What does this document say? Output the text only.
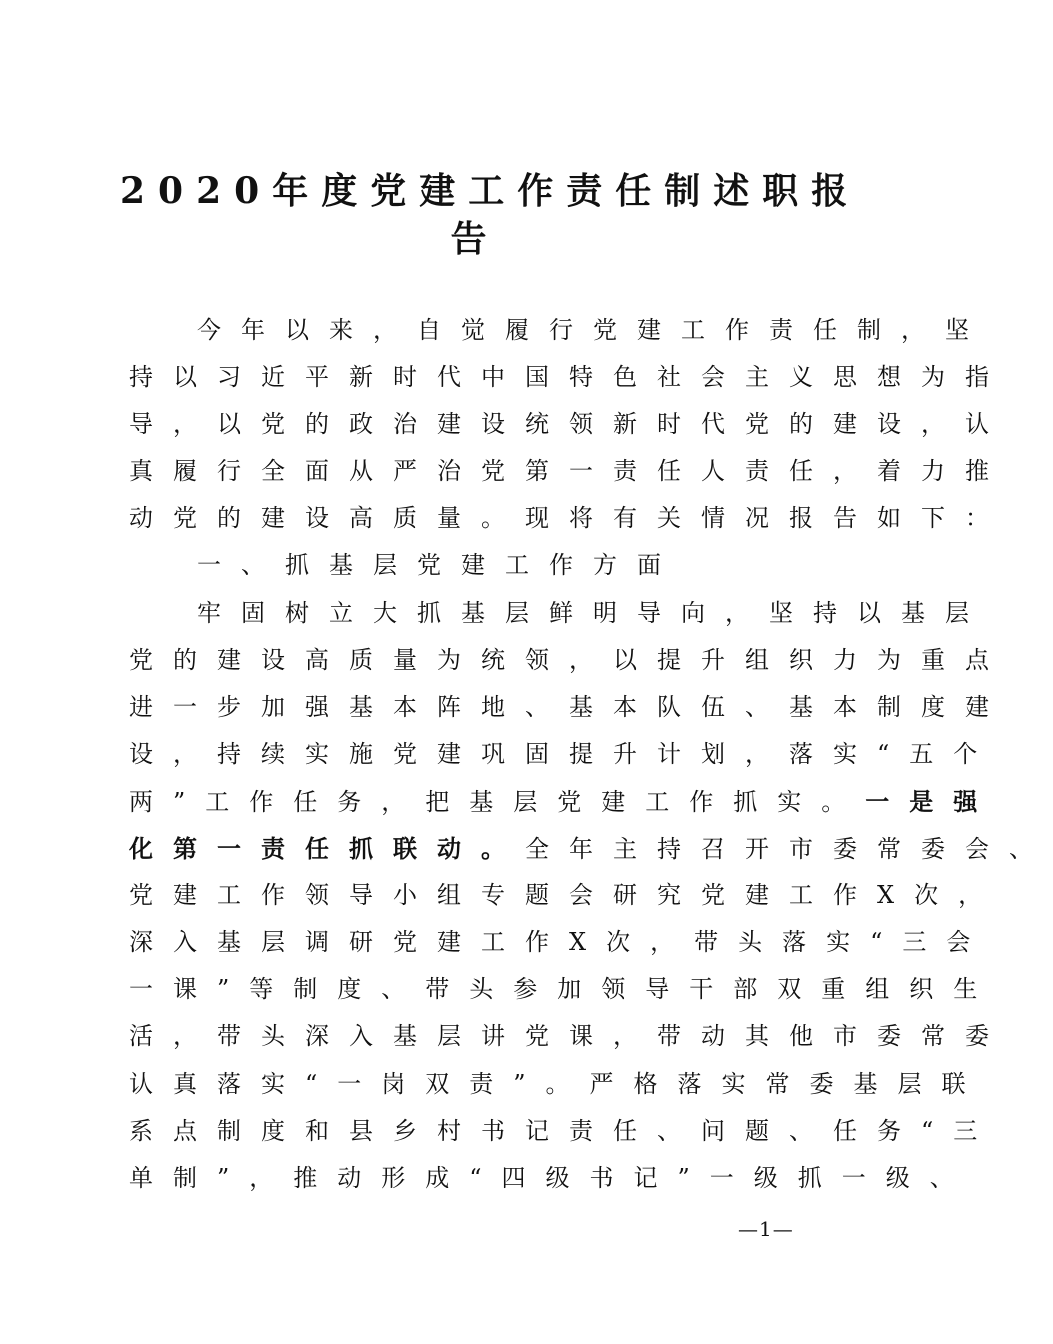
2020年度党建工作责任制述职报
告
今年以来，自觉履行党建工作责任制，坚
持以习近平新时代中国特色社会主义思想为指
导，以党的政治建设统领新时代党的建设，认
真履行全面从严治党第一责任人责任，着力推
动党的建设高质量。现将有关情况报告如下：
一、抓基层党建工作方面
牢固树立大抓基层鲜明导向，坚持以基层
党的建设高质量为统领，以提升组织力为重点
进一步加强基本阵地、基本队伍、基本制度建
设，持续实施党建巩固提升计划，落实“五个
两”工作任务，把基层党建工作抓实。一是强
化第一责任抓联动。全年主持召开市委常委会、
党建工作领导小组专题会研究党建工作X次，
深入基层调研党建工作X次，带头落实“三会
一课”等制度、带头参加领导干部双重组织生
活，带头深入基层讲党课，带动其他市委常委
认真落实“一岗双责”。严格落实常委基层联
系点制度和县乡村书记责任、问题、任务“三
单制”，推动形成“四级书记”一级抓一级、
—1—
